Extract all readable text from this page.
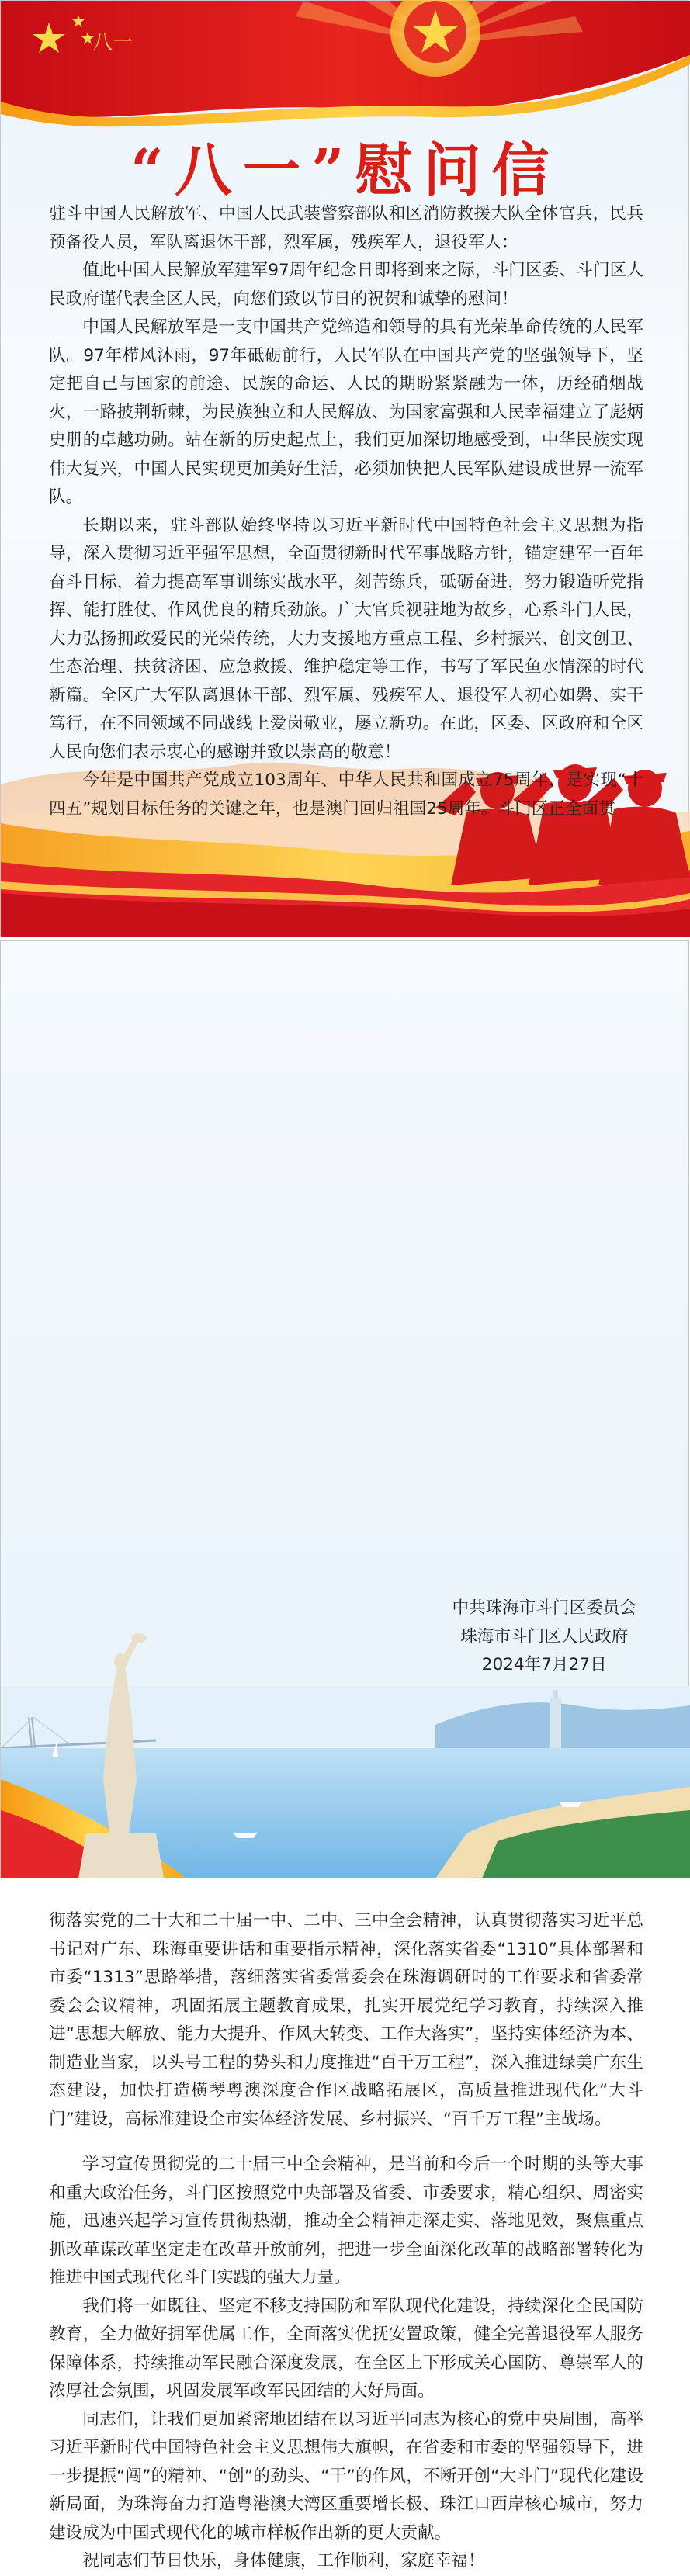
八一
“八一”慰问信

驻斗中国人民解放军、中国人民武装警察部队和区消防救援大队全体官兵，民兵预备役人员，军队离退休干部，烈军属，残疾军人，退役军人：

值此中国人民解放军建军97周年纪念日即将到来之际，斗门区委、斗门区人民政府谨代表全区人民，向您们致以节日的祝贺和诚挚的慰问！

中国人民解放军是一支中国共产党缔造和领导的具有光荣革命传统的人民军队。97年栉风沐雨，97年砥砺前行，人民军队在中国共产党的坚强领导下，坚定把自己与国家的前途、民族的命运、人民的期盼紧紧融为一体，历经硝烟战火，一路披荆斩棘，为民族独立和人民解放、为国家富强和人民幸福建立了彪炳史册的卓越功勋。站在新的历史起点上，我们更加深切地感受到，中华民族实现伟大复兴，中国人民实现更加美好生活，必须加快把人民军队建设成世界一流军队。

长期以来，驻斗部队始终坚持以习近平新时代中国特色社会主义思想为指导，深入贯彻习近平强军思想，全面贯彻新时代军事战略方针，锚定建军一百年奋斗目标，着力提高军事训练实战水平，刻苦练兵，砥砺奋进，努力锻造听党指挥、能打胜仗、作风优良的精兵劲旅。广大官兵视驻地为故乡，心系斗门人民，大力弘扬拥政爱民的光荣传统，大力支援地方重点工程、乡村振兴、创文创卫、生态治理、扶贫济困、应急救援、维护稳定等工作，书写了军民鱼水情深的时代新篇。全区广大军队离退休干部、烈军属、残疾军人、退役军人初心如磐、实干笃行，在不同领域不同战线上爱岗敬业，屡立新功。在此，区委、区政府和全区人民向您们表示衷心的感谢并致以崇高的敬意！

今年是中国共产党成立103周年、中华人民共和国成立75周年，是实现“十四五”规划目标任务的关键之年，也是澳门回归祖国25周年。斗门区正全面贯

彻落实党的二十大和二十届一中、二中、三中全会精神，认真贯彻落实习近平总书记对广东、珠海重要讲话和重要指示精神，深化落实省委“1310”具体部署和市委“1313”思路举措，落细落实省委常委会在珠海调研时的工作要求和省委常委会会议精神，巩固拓展主题教育成果，扎实开展党纪学习教育，持续深入推进“思想大解放、能力大提升、作风大转变、工作大落实”，坚持实体经济为本、制造业当家，以头号工程的势头和力度推进“百千万工程”，深入推进绿美广东生态建设，加快打造横琴粤澳深度合作区战略拓展区，高质量推进现代化“大斗门”建设，高标准建设全市实体经济发展、乡村振兴、“百千万工程”主战场。

学习宣传贯彻党的二十届三中全会精神，是当前和今后一个时期的头等大事和重大政治任务，斗门区按照党中央部署及省委、市委要求，精心组织、周密实施，迅速兴起学习宣传贯彻热潮，推动全会精神走深走实、落地见效，聚焦重点抓改革谋改革坚定走在改革开放前列，把进一步全面深化改革的战略部署转化为推进中国式现代化斗门实践的强大力量。

我们将一如既往、坚定不移支持国防和军队现代化建设，持续深化全民国防教育，全力做好拥军优属工作，全面落实优抚安置政策，健全完善退役军人服务保障体系，持续推动军民融合深度发展，在全区上下形成关心国防、尊崇军人的浓厚社会氛围，巩固发展军政军民团结的大好局面。

同志们，让我们更加紧密地团结在以习近平同志为核心的党中央周围，高举习近平新时代中国特色社会主义思想伟大旗帜，在省委和市委的坚强领导下，进一步提振“闯”的精神、“创”的劲头、“干”的作风，不断开创“大斗门”现代化建设新局面，为珠海奋力打造粤港澳大湾区重要增长极、珠江口西岸核心城市，努力建设成为中国式现代化的城市样板作出新的更大贡献。

祝同志们节日快乐，身体健康，工作顺利，家庭幸福！

中共珠海市斗门区委员会
珠海市斗门区人民政府
2024年7月27日
